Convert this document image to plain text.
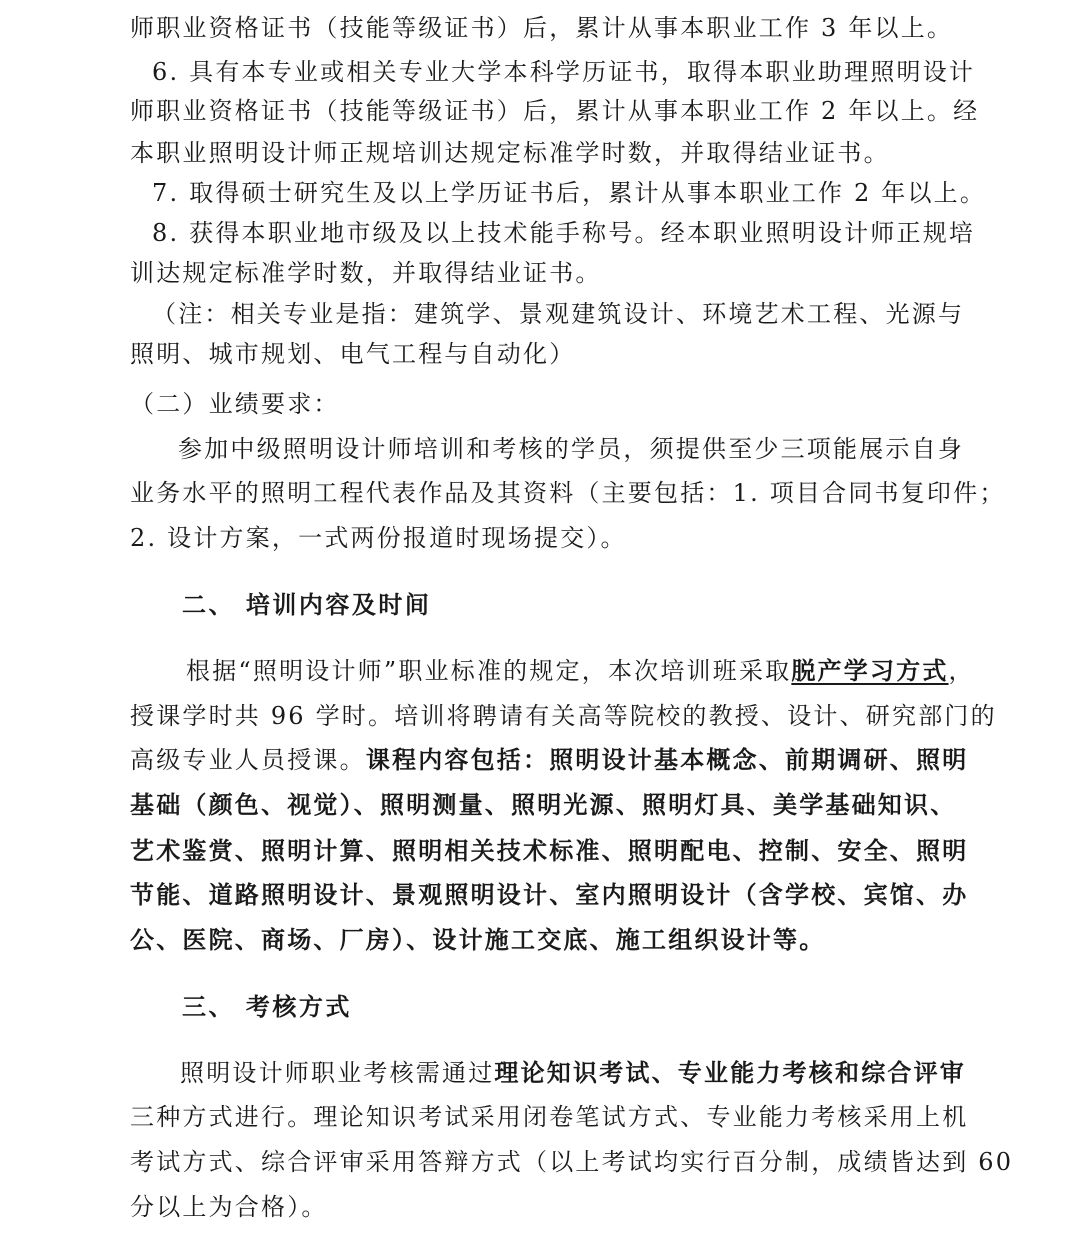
师职业资格证书（技能等级证书）后，累计从事本职业工作 3 年以上。
6. 具有本专业或相关专业大学本科学历证书，取得本职业助理照明设计
师职业资格证书（技能等级证书）后，累计从事本职业工作 2 年以上。经
本职业照明设计师正规培训达规定标准学时数，并取得结业证书。
7. 取得硕士研究生及以上学历证书后，累计从事本职业工作 2 年以上。
8. 获得本职业地市级及以上技术能手称号。经本职业照明设计师正规培
训达规定标准学时数，并取得结业证书。
（注：相关专业是指：建筑学、景观建筑设计、环境艺术工程、光源与
照明、城市规划、电气工程与自动化）
（二）业绩要求：
参加中级照明设计师培训和考核的学员，须提供至少三项能展示自身
业务水平的照明工程代表作品及其资料（主要包括：1. 项目合同书复印件；
2. 设计方案，一式两份报道时现场提交）。
二、 培训内容及时间
根据“照明设计师”职业标准的规定，本次培训班采取脱产学习方式，
授课学时共 96 学时。培训将聘请有关高等院校的教授、设计、研究部门的
高级专业人员授课。课程内容包括：照明设计基本概念、前期调研、照明
基础（颜色、视觉）、照明测量、照明光源、照明灯具、美学基础知识、
艺术鉴赏、照明计算、照明相关技术标准、照明配电、控制、安全、照明
节能、道路照明设计、景观照明设计、室内照明设计（含学校、宾馆、办
公、医院、商场、厂房）、设计施工交底、施工组织设计等。
三、 考核方式
照明设计师职业考核需通过理论知识考试、专业能力考核和综合评审
三种方式进行。理论知识考试采用闭卷笔试方式、专业能力考核采用上机
考试方式、综合评审采用答辩方式（以上考试均实行百分制，成绩皆达到 60
分以上为合格）。
